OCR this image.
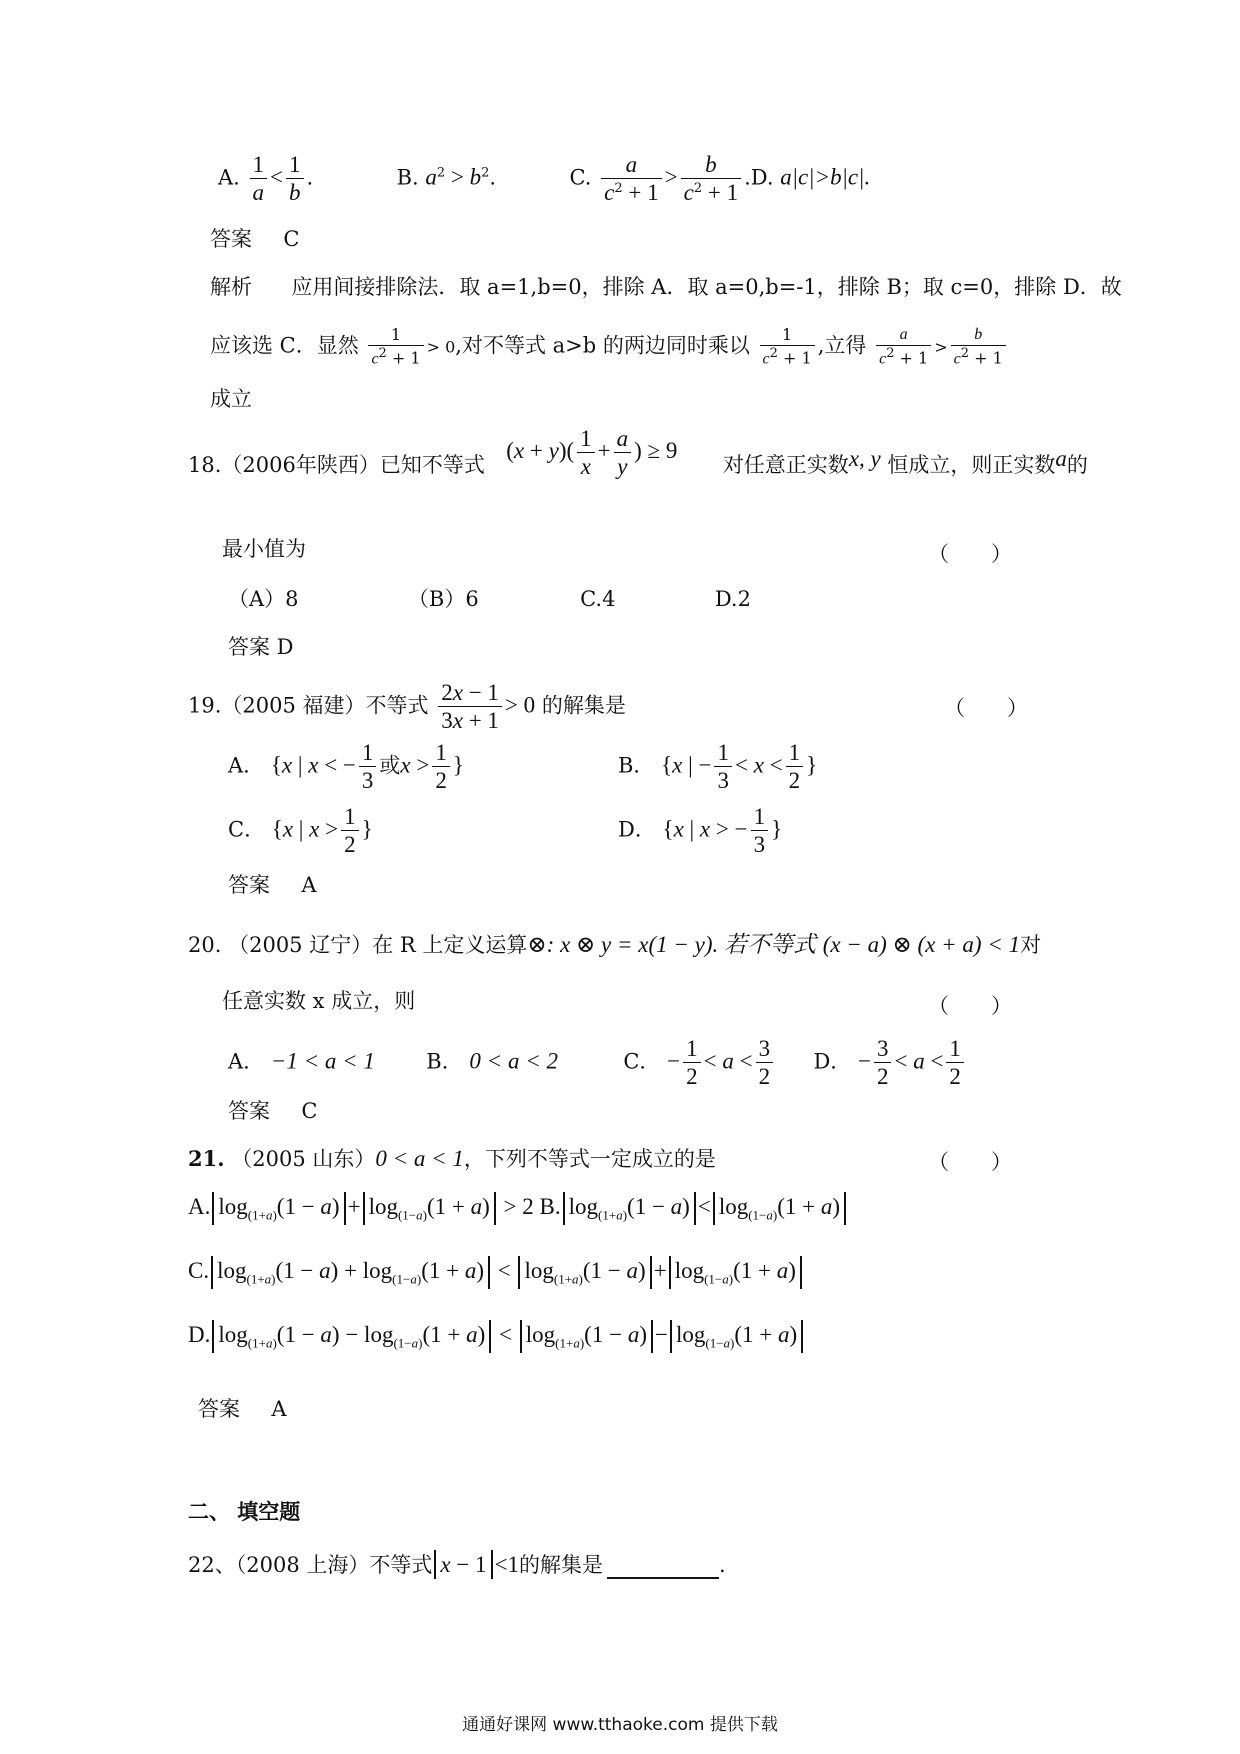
A. $\frac{1}{a} < \frac{1}{b}$ .	B. $a^2 > b^2$.	C. $\frac{a}{c^2 + 1} > \frac{b}{c^2 + 1} .D$. a|c|>b|c|.
答案 C
解析 应用间接排除法．取 a=1,b=0，排除 A．取 a=0,b=-1，排除 B；取 c=0，排除 D．故
应该选 C．显然 $\frac{1}{c^2 + 1} > 0$,对不等式 a>b 的两边同时乘以 $\frac{1}{c^2 + 1}$ ,立得 $\frac{a}{c^2 + 1} > \frac{b}{c^2 + 1}$
成立
18.（2006年陕西）已知不等式  $(x + y)( \frac{1}{x} + \frac{a}{y}$ ) ≥ 9  对任意正实数x, y 恒成立，则正实数a的
最小值为	（　　）
（A）8	（B）6	C.4	D.2
答案 D
19.（2005 福建）不等式 $\frac{2x - 1}{3x + 1} > 0$ 的解集是	（　　）
A． {x | x < − $\frac{1}{3}$ 或$x > \frac{1}{2}$ }	B． {x | − $\frac{1}{3} < x < \frac{1}{2}$ }
C． {x | $x > \frac{1}{2}$ }	D． {x | x > − $\frac{1}{3}$ }
答案 A
20. （2005 辽宁）在 R 上定义运算⊗: x ⊗ y = x(1 − y). 若不等式 (x − a) ⊗ (x + a) < 1对
任意实数 x 成立，则	（　　）
A． −1 < a < 1 B． 0 < a < 2	C． − $\frac{1}{2} < a < \frac{3}{2}$ D． − $\frac{3}{2} < a < \frac{1}{2}$
答案 C
21. （2005 山东）0 < a < 1，下列不等式一定成立的是	（　　）
A. $\log_{(1+a)}(1 - a) + \log_{(1-a)}(1 + a) > 2$ B. $\log_{(1+a)}(1 - a) < \log_{(1-a)}(1 + a)$
C. $\log_{(1+a)}(1 - a) + \log_{(1-a)}(1 + a) < \log_{(1+a)}(1 - a) + \log_{(1-a)}(1 + a)$
D. $\log_{(1+a)}(1 - a) - \log_{(1-a)}(1 + a) < \log_{(1+a)}(1 - a) - \log_{(1-a)}(1 + a)$
答案 A
二、 填空题
22、（2008 上海）不等式 x − 1 <1的解集是	.
通通好课网 www.tthaoke.com 提供下载
